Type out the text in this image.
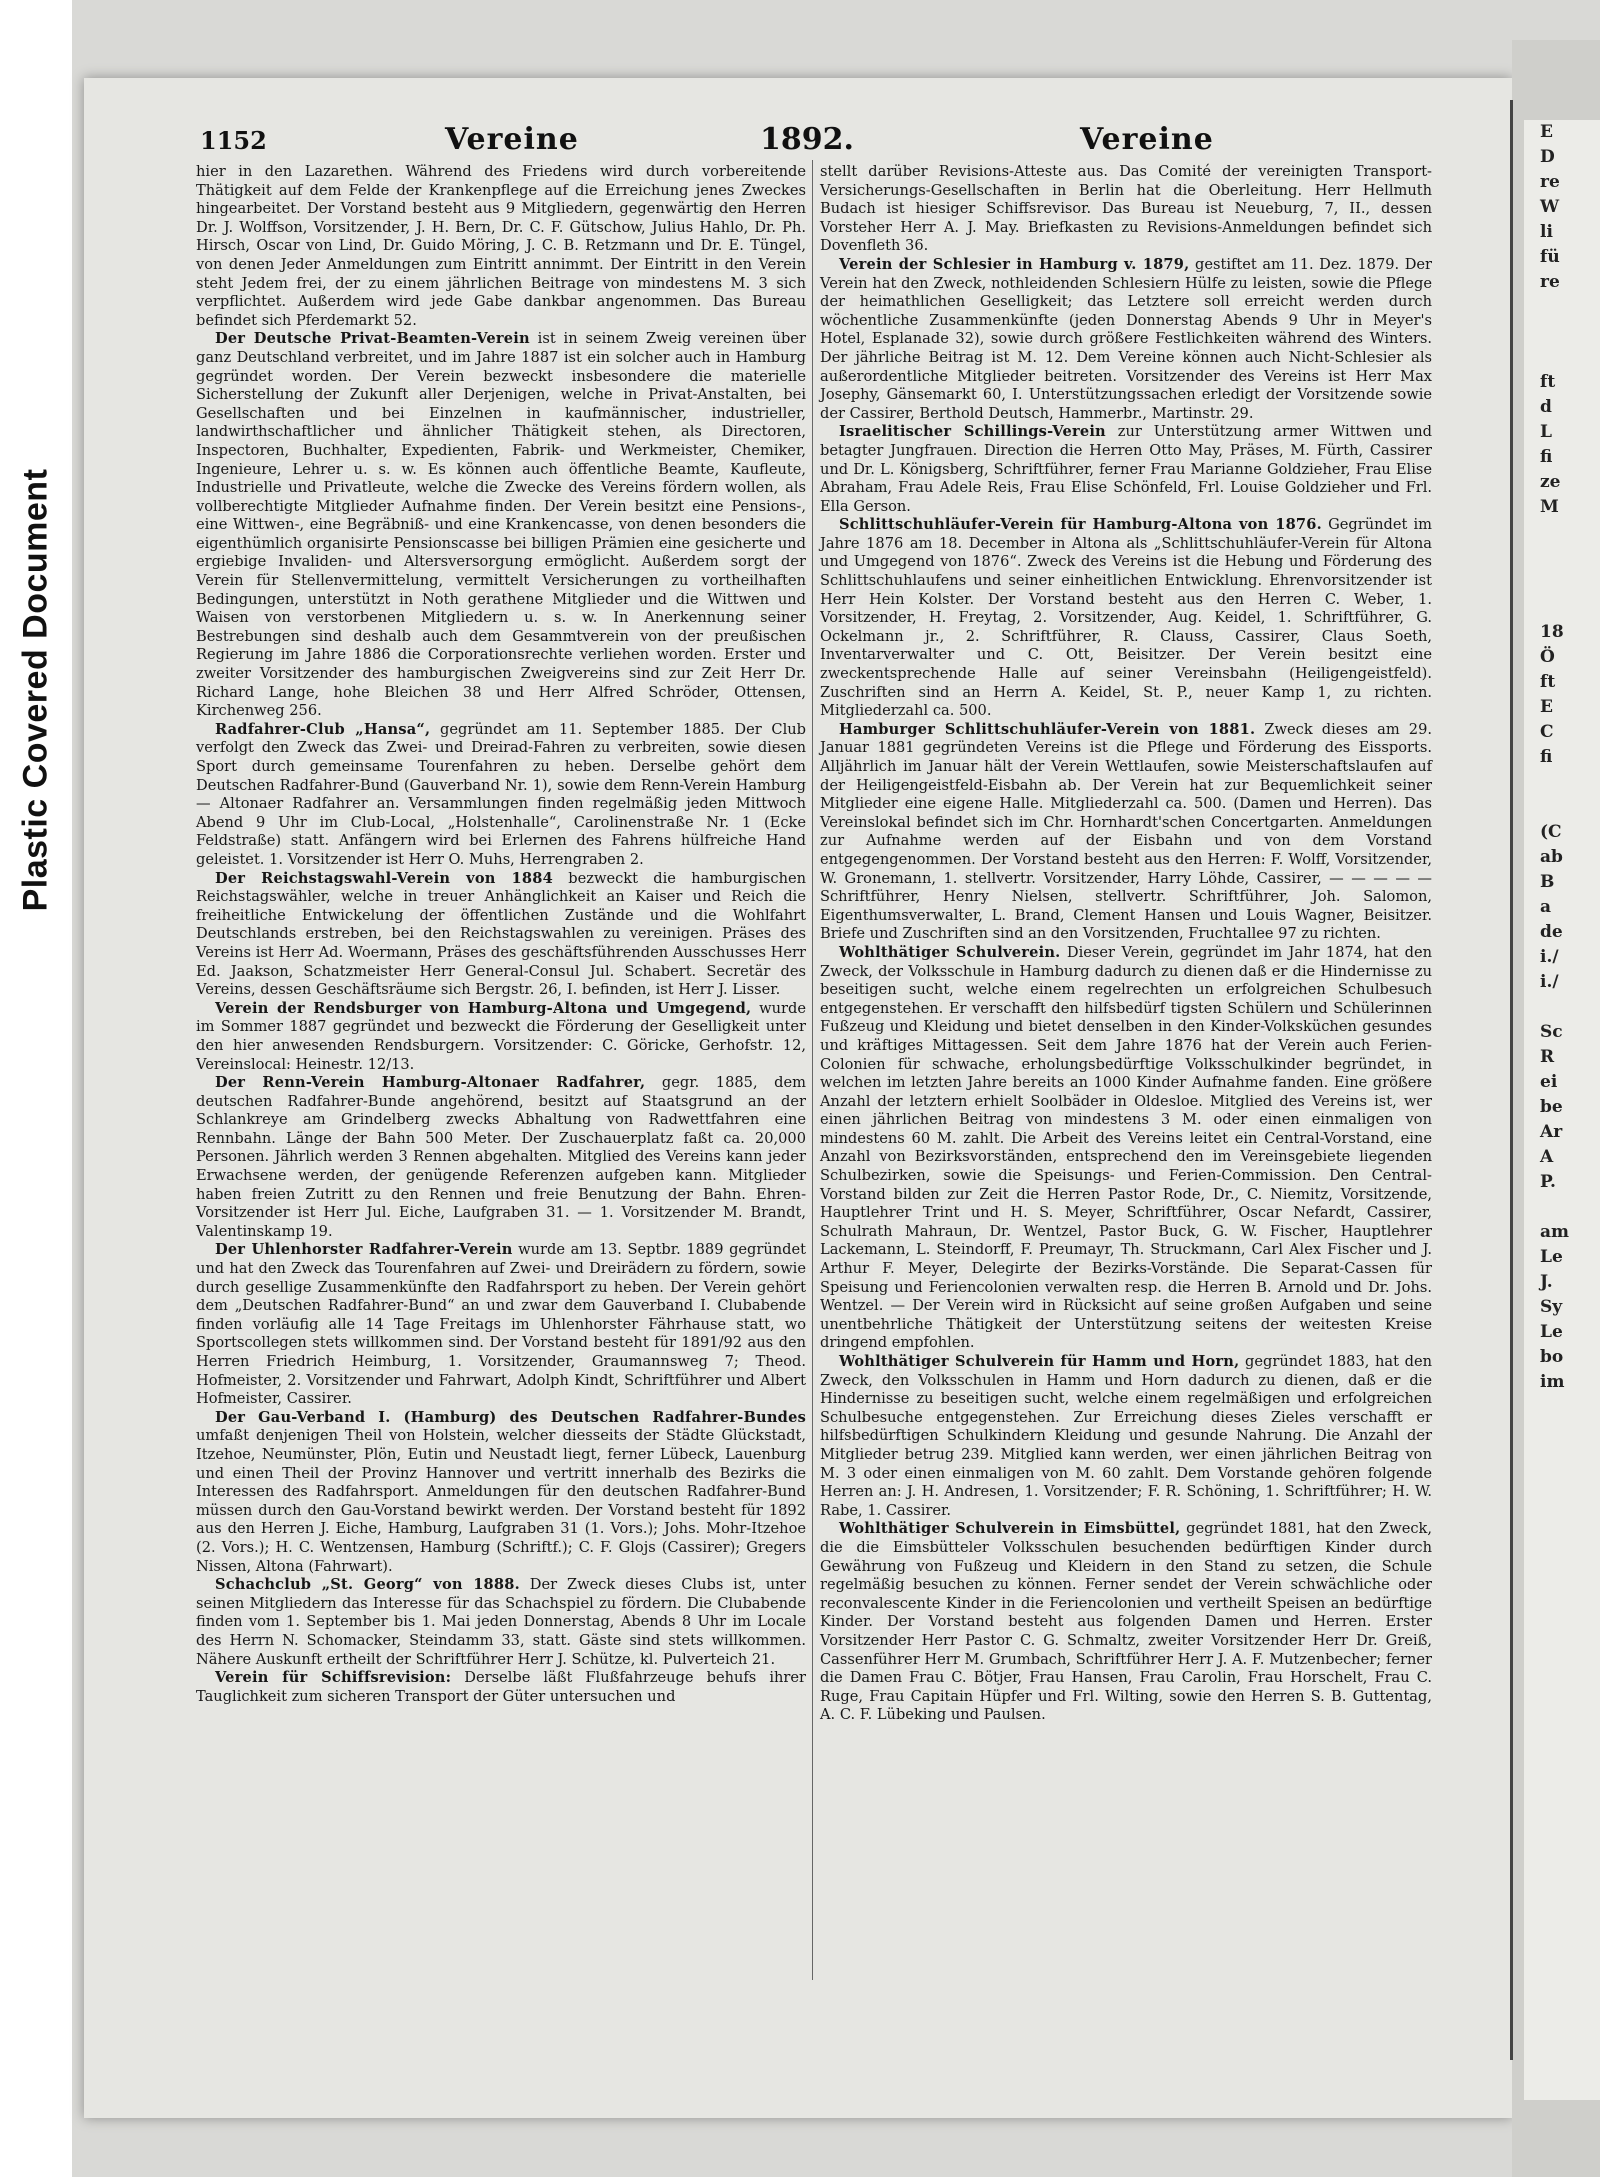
Plastic Covered Document
E
D
re
W
li
fü
re

ft
d
L
fi
ze
M

18
Ö
ft
E
C
fi

(C
ab
B
a
de
i./
i./

Sc
R
ei
be
Ar
A
P.

am
Le
J.
Sy
Le
bo
im
1152	Vereine	1892.	Vereine

hier in den Lazarethen. Während des Friedens wird durch vorbereitende Thätigkeit auf dem Felde der Krankenpflege auf die Erreichung jenes Zweckes hingearbeitet. Der Vorstand besteht aus 9 Mitgliedern, gegenwärtig den Herren Dr. J. Wolffson, Vorsitzender, J. H. Bern, Dr. C. F. Gütschow, Julius Hahlo, Dr. Ph. Hirsch, Oscar von Lind, Dr. Guido Möring, J. C. B. Retzmann und Dr. E. Tüngel, von denen Jeder Anmeldungen zum Eintritt annimmt. Der Eintritt in den Verein steht Jedem frei, der zu einem jährlichen Beitrage von mindestens M. 3 sich verpflichtet. Außerdem wird jede Gabe dankbar angenommen. Das Bureau befindet sich Pferdemarkt 52.

Der Deutsche Privat-Beamten-Verein ist in seinem Zweig vereinen über ganz Deutschland verbreitet, und im Jahre 1887 ist ein solcher auch in Hamburg gegründet worden. Der Verein bezweckt insbesondere die materielle Sicherstellung der Zukunft aller Derjenigen, welche in Privat-Anstalten, bei Gesellschaften und bei Einzelnen in kaufmännischer, industrieller, landwirthschaftlicher und ähnlicher Thätigkeit stehen, als Directoren, Inspectoren, Buchhalter, Expedienten, Fabrik- und Werkmeister, Chemiker, Ingenieure, Lehrer u. s. w. Es können auch öffentliche Beamte, Kaufleute, Industrielle und Privatleute, welche die Zwecke des Vereins fördern wollen, als vollberechtigte Mitglieder Aufnahme finden. Der Verein besitzt eine Pensions-, eine Wittwen-, eine Begräbniß- und eine Krankencasse, von denen besonders die eigenthümlich organisirte Pensionscasse bei billigen Prämien eine gesicherte und ergiebige Invaliden- und Altersversorgung ermöglicht. Außerdem sorgt der Verein für Stellenvermittelung, vermittelt Versicherungen zu vortheilhaften Bedingungen, unterstützt in Noth gerathene Mitglieder und die Wittwen und Waisen von verstorbenen Mitgliedern u. s. w. In Anerkennung seiner Bestrebungen sind deshalb auch dem Gesammtverein von der preußischen Regierung im Jahre 1886 die Corporationsrechte verliehen worden. Erster und zweiter Vorsitzender des hamburgischen Zweigvereins sind zur Zeit Herr Dr. Richard Lange, hohe Bleichen 38 und Herr Alfred Schröder, Ottensen, Kirchenweg 256.

Radfahrer-Club „Hansa“, gegründet am 11. September 1885. Der Club verfolgt den Zweck das Zwei- und Dreirad-Fahren zu verbreiten, sowie diesen Sport durch gemeinsame Tourenfahren zu heben. Derselbe gehört dem Deutschen Radfahrer-Bund (Gauverband Nr. 1), sowie dem Renn-Verein Hamburg — Altonaer Radfahrer an. Versammlungen finden regelmäßig jeden Mittwoch Abend 9 Uhr im Club-Local, „Holstenhalle“, Carolinenstraße Nr. 1 (Ecke Feldstraße) statt. Anfängern wird bei Erlernen des Fahrens hülfreiche Hand geleistet. 1. Vorsitzender ist Herr O. Muhs, Herrengraben 2.

Der Reichstagswahl-Verein von 1884 bezweckt die hamburgischen Reichstagswähler, welche in treuer Anhänglichkeit an Kaiser und Reich die freiheitliche Entwickelung der öffentlichen Zustände und die Wohlfahrt Deutschlands erstreben, bei den Reichstagswahlen zu vereinigen. Präses des Vereins ist Herr Ad. Woermann, Präses des geschäftsführenden Ausschusses Herr Ed. Jaakson, Schatzmeister Herr General-Consul Jul. Schabert. Secretär des Vereins, dessen Geschäftsräume sich Bergstr. 26, I. befinden, ist Herr J. Lisser.

Verein der Rendsburger von Hamburg-Altona und Umgegend, wurde im Sommer 1887 gegründet und bezweckt die Förderung der Geselligkeit unter den hier anwesenden Rendsburgern. Vorsitzender: C. Göricke, Gerhofstr. 12, Vereinslocal: Heinestr. 12/13.

Der Renn-Verein Hamburg-Altonaer Radfahrer, gegr. 1885, dem deutschen Radfahrer-Bunde angehörend, besitzt auf Staatsgrund an der Schlankreye am Grindelberg zwecks Abhaltung von Radwettfahren eine Rennbahn. Länge der Bahn 500 Meter. Der Zuschauerplatz faßt ca. 20,000 Personen. Jährlich werden 3 Rennen abgehalten. Mitglied des Vereins kann jeder Erwachsene werden, der genügende Referenzen aufgeben kann. Mitglieder haben freien Zutritt zu den Rennen und freie Benutzung der Bahn. Ehren-Vorsitzender ist Herr Jul. Eiche, Laufgraben 31. — 1. Vorsitzender M. Brandt, Valentinskamp 19.

Der Uhlenhorster Radfahrer-Verein wurde am 13. Septbr. 1889 gegründet und hat den Zweck das Tourenfahren auf Zwei- und Dreirädern zu fördern, sowie durch gesellige Zusammenkünfte den Radfahrsport zu heben. Der Verein gehört dem „Deutschen Radfahrer-Bund“ an und zwar dem Gauverband I. Clubabende finden vorläufig alle 14 Tage Freitags im Uhlenhorster Fährhause statt, wo Sportscollegen stets willkommen sind. Der Vorstand besteht für 1891/92 aus den Herren Friedrich Heimburg, 1. Vorsitzender, Graumannsweg 7; Theod. Hofmeister, 2. Vorsitzender und Fahrwart, Adolph Kindt, Schriftführer und Albert Hofmeister, Cassirer.

Der Gau-Verband I. (Hamburg) des Deutschen Radfahrer-Bundes umfaßt denjenigen Theil von Holstein, welcher diesseits der Städte Glückstadt, Itzehoe, Neumünster, Plön, Eutin und Neustadt liegt, ferner Lübeck, Lauenburg und einen Theil der Provinz Hannover und vertritt innerhalb des Bezirks die Interessen des Radfahrsport. Anmeldungen für den deutschen Radfahrer-Bund müssen durch den Gau-Vorstand bewirkt werden. Der Vorstand besteht für 1892 aus den Herren J. Eiche, Hamburg, Laufgraben 31 (1. Vors.); Johs. Mohr-Itzehoe (2. Vors.); H. C. Wentzensen, Hamburg (Schriftf.); C. F. Glojs (Cassirer); Gregers Nissen, Altona (Fahrwart).

Schachclub „St. Georg“ von 1888. Der Zweck dieses Clubs ist, unter seinen Mitgliedern das Interesse für das Schachspiel zu fördern. Die Clubabende finden vom 1. September bis 1. Mai jeden Donnerstag, Abends 8 Uhr im Locale des Herrn N. Schomacker, Steindamm 33, statt. Gäste sind stets willkommen. Nähere Auskunft ertheilt der Schriftführer Herr J. Schütze, kl. Pulverteich 21.

Verein für Schiffsrevision: Derselbe läßt Flußfahrzeuge behufs ihrer Tauglichkeit zum sicheren Transport der Güter untersuchen und

stellt darüber Revisions-Atteste aus. Das Comité der vereinigten Transport-Versicherungs-Gesellschaften in Berlin hat die Oberleitung. Herr Hellmuth Budach ist hiesiger Schiffsrevisor. Das Bureau ist Neueburg, 7, II., dessen Vorsteher Herr A. J. May. Briefkasten zu Revisions-Anmeldungen befindet sich Dovenfleth 36.

Verein der Schlesier in Hamburg v. 1879, gestiftet am 11. Dez. 1879. Der Verein hat den Zweck, nothleidenden Schlesiern Hülfe zu leisten, sowie die Pflege der heimathlichen Geselligkeit; das Letztere soll erreicht werden durch wöchentliche Zusammenkünfte (jeden Donnerstag Abends 9 Uhr in Meyer's Hotel, Esplanade 32), sowie durch größere Festlichkeiten während des Winters. Der jährliche Beitrag ist M. 12. Dem Vereine können auch Nicht-Schlesier als außerordentliche Mitglieder beitreten. Vorsitzender des Vereins ist Herr Max Josephy, Gänsemarkt 60, I. Unterstützungssachen erledigt der Vorsitzende sowie der Cassirer, Berthold Deutsch, Hammerbr., Martinstr. 29.

Israelitischer Schillings-Verein zur Unterstützung armer Wittwen und betagter Jungfrauen. Direction die Herren Otto May, Präses, M. Fürth, Cassirer und Dr. L. Königsberg, Schriftführer, ferner Frau Marianne Goldzieher, Frau Elise Abraham, Frau Adele Reis, Frau Elise Schönfeld, Frl. Louise Goldzieher und Frl. Ella Gerson.

Schlittschuhläufer-Verein für Hamburg-Altona von 1876. Gegründet im Jahre 1876 am 18. December in Altona als „Schlittschuhläufer-Verein für Altona und Umgegend von 1876“. Zweck des Vereins ist die Hebung und Förderung des Schlittschuhlaufens und seiner einheitlichen Entwicklung. Ehrenvorsitzender ist Herr Hein Kolster. Der Vorstand besteht aus den Herren C. Weber, 1. Vorsitzender, H. Freytag, 2. Vorsitzender, Aug. Keidel, 1. Schriftführer, G. Ockelmann jr., 2. Schriftführer, R. Clauss, Cassirer, Claus Soeth, Inventarverwalter und C. Ott, Beisitzer. Der Verein besitzt eine zweckentsprechende Halle auf seiner Vereinsbahn (Heiligengeistfeld). Zuschriften sind an Herrn A. Keidel, St. P., neuer Kamp 1, zu richten. Mitgliederzahl ca. 500.

Hamburger Schlittschuhläufer-Verein von 1881. Zweck dieses am 29. Januar 1881 gegründeten Vereins ist die Pflege und Förderung des Eissports. Alljährlich im Januar hält der Verein Wettlaufen, sowie Meisterschaftslaufen auf der Heiligengeistfeld-Eisbahn ab. Der Verein hat zur Bequemlichkeit seiner Mitglieder eine eigene Halle. Mitgliederzahl ca. 500. (Damen und Herren). Das Vereinslokal befindet sich im Chr. Hornhardt'schen Concertgarten. Anmeldungen zur Aufnahme werden auf der Eisbahn und von dem Vorstand entgegengenommen. Der Vorstand besteht aus den Herren: F. Wolff, Vorsitzender, W. Gronemann, 1. stellvertr. Vorsitzender, Harry Löhde, Cassirer, — — — — — Schriftführer, Henry Nielsen, stellvertr. Schriftführer, Joh. Salomon, Eigenthumsverwalter, L. Brand, Clement Hansen und Louis Wagner, Beisitzer. Briefe und Zuschriften sind an den Vorsitzenden, Fruchtallee 97 zu richten.

Wohlthätiger Schulverein. Dieser Verein, gegründet im Jahr 1874, hat den Zweck, der Volksschule in Hamburg dadurch zu dienen daß er die Hindernisse zu beseitigen sucht, welche einem regelrechten un erfolgreichen Schulbesuch entgegenstehen. Er verschafft den hilfsbedürf tigsten Schülern und Schülerinnen Fußzeug und Kleidung und bietet denselben in den Kinder-Volksküchen gesundes und kräftiges Mittagessen. Seit dem Jahre 1876 hat der Verein auch Ferien-Colonien für schwache, erholungsbedürftige Volksschulkinder begründet, in welchen im letzten Jahre bereits an 1000 Kinder Aufnahme fanden. Eine größere Anzahl der letztern erhielt Soolbäder in Oldesloe. Mitglied des Vereins ist, wer einen jährlichen Beitrag von mindestens 3 M. oder einen einmaligen von mindestens 60 M. zahlt. Die Arbeit des Vereins leitet ein Central-Vorstand, eine Anzahl von Bezirksvorständen, entsprechend den im Vereinsgebiete liegenden Schulbezirken, sowie die Speisungs- und Ferien-Commission. Den Central-Vorstand bilden zur Zeit die Herren Pastor Rode, Dr., C. Niemitz, Vorsitzende, Hauptlehrer Trint und H. S. Meyer, Schriftführer, Oscar Nefardt, Cassirer, Schulrath Mahraun, Dr. Wentzel, Pastor Buck, G. W. Fischer, Hauptlehrer Lackemann, L. Steindorff, F. Preumayr, Th. Struckmann, Carl Alex Fischer und J. Arthur F. Meyer, Delegirte der Bezirks-Vorstände. Die Separat-Cassen für Speisung und Feriencolonien verwalten resp. die Herren B. Arnold und Dr. Johs. Wentzel. — Der Verein wird in Rücksicht auf seine großen Aufgaben und seine unentbehrliche Thätigkeit der Unterstützung seitens der weitesten Kreise dringend empfohlen.

Wohlthätiger Schulverein für Hamm und Horn, gegründet 1883, hat den Zweck, den Volksschulen in Hamm und Horn dadurch zu dienen, daß er die Hindernisse zu beseitigen sucht, welche einem regelmäßigen und erfolgreichen Schulbesuche entgegenstehen. Zur Erreichung dieses Zieles verschafft er hilfsbedürftigen Schulkindern Kleidung und gesunde Nahrung. Die Anzahl der Mitglieder betrug 239. Mitglied kann werden, wer einen jährlichen Beitrag von M. 3 oder einen einmaligen von M. 60 zahlt. Dem Vorstande gehören folgende Herren an: J. H. Andresen, 1. Vorsitzender; F. R. Schöning, 1. Schriftführer; H. W. Rabe, 1. Cassirer.

Wohlthätiger Schulverein in Eimsbüttel, gegründet 1881, hat den Zweck, die die Eimsbütteler Volksschulen besuchenden bedürftigen Kinder durch Gewährung von Fußzeug und Kleidern in den Stand zu setzen, die Schule regelmäßig besuchen zu können. Ferner sendet der Verein schwächliche oder reconvalescente Kinder in die Feriencolonien und vertheilt Speisen an bedürftige Kinder. Der Vorstand besteht aus folgenden Damen und Herren. Erster Vorsitzender Herr Pastor C. G. Schmaltz, zweiter Vorsitzender Herr Dr. Greiß, Cassenführer Herr M. Grumbach, Schriftführer Herr J. A. F. Mutzenbecher; ferner die Damen Frau C. Bötjer, Frau Hansen, Frau Carolin, Frau Horschelt, Frau C. Ruge, Frau Capitain Hüpfer und Frl. Wilting, sowie den Herren S. B. Guttentag, A. C. F. Lübeking und Paulsen.
